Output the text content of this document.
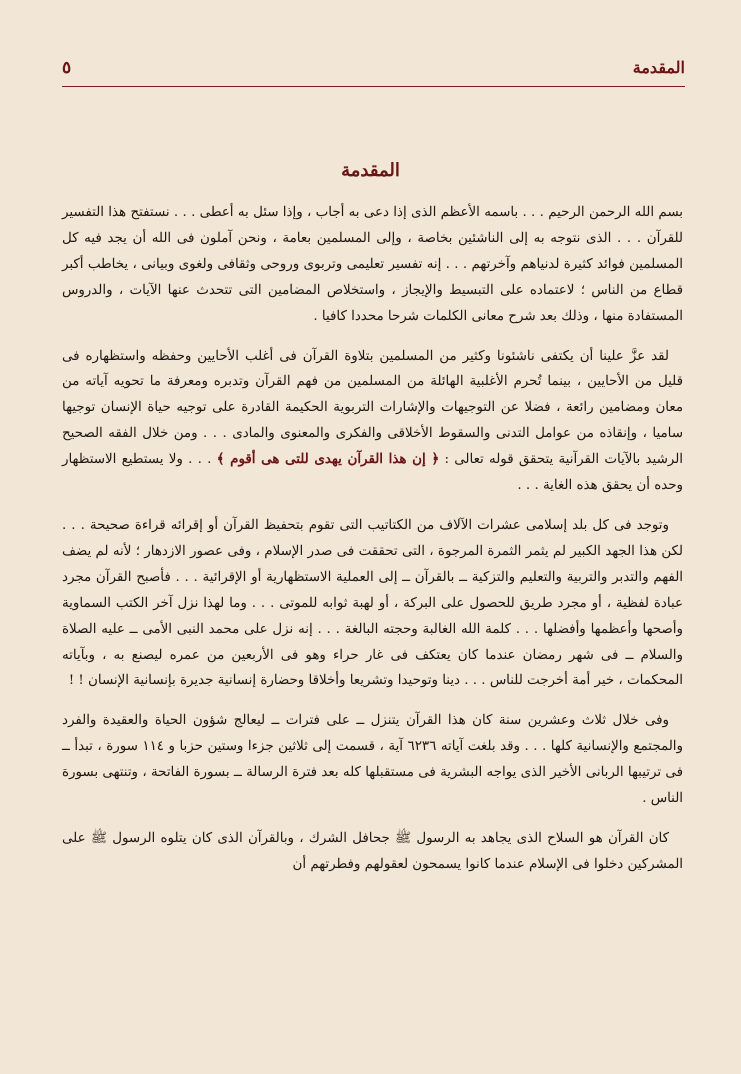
المقدمة
٥
المقدمة

بسم الله الرحمن الرحيم . . . باسمه الأعظم الذى إذا دعى به أجاب ، وإذا سئل به أعطى . . . نستفتح هذا التفسير للقرآن . . . الذى نتوجه به إلى الناشئين بخاصة ، وإلى المسلمين بعامة ، ونحن آملون فى الله أن يجد فيه كل المسلمين فوائد كثيرة لدنياهم وآخرتهم . . . إنه تفسير تعليمى وتربوى وروحى وثقافى ولغوى وبيانى ، يخاطب أكبر قطاع من الناس ؛ لاعتماده على التبسيط والإيجاز ، واستخلاص المضامين التى تتحدث عنها الآيات ، والدروس المستفادة منها ، وذلك بعد شرح معانى الكلمات شرحا محددا كافيا .

لقد عزَّ علينا أن يكتفى ناشئونا وكثير من المسلمين بتلاوة القرآن فى أغلب الأحايين وحفظه واستظهاره فى قليل من الأحايين ، بينما تُحرم الأغلبية الهائلة من المسلمين من فهم القرآن وتدبره ومعرفة ما تحويه آياته من معان ومضامين رائعة ، فضلا عن التوجيهات والإشارات التربوية الحكيمة القادرة على توجيه حياة الإنسان توجيها ساميا ، وإنقاذه من عوامل التدنى والسقوط الأخلاقى والفكرى والمعنوى والمادى . . . ومن خلال الفقه الصحيح الرشيد بالآيات القرآنية يتحقق قوله تعالى : ﴿ إن هذا القرآن يهدى للتى هى أقوم ﴾ . . . ولا يستطيع الاستظهار وحده أن يحقق هذه الغاية . . .

وتوجد فى كل بلد إسلامى عشرات الآلاف من الكتاتيب التى تقوم بتحفيظ القرآن أو إقرائه قراءة صحيحة . . . لكن هذا الجهد الكبير لم يثمر الثمرة المرجوة ، التى تحققت فى صدر الإسلام ، وفى عصور الازدهار ؛ لأنه لم يضف الفهم والتدبر والتربية والتعليم والتزكية ــ بالقرآن ــ إلى العملية الاستظهارية أو الإقرائية . . . فأصبح القرآن مجرد عبادة لفظية ، أو مجرد طريق للحصول على البركة ، أو لهبة ثوابه للموتى . . . وما لهذا نزل آخر الكتب السماوية وأصحها وأعظمها وأفضلها . . . كلمة الله الغالبة وحجته البالغة . . . إنه نزل على محمد النبى الأمى ــ عليه الصلاة والسلام ــ فى شهر رمضان عندما كان يعتكف فى غار حراء وهو فى الأربعين من عمره ليصنع به ، وبآياته المحكمات ، خير أمة أخرجت للناس . . . دينا وتوحيدا وتشريعا وأخلاقا وحضارة إنسانية جديرة بإنسانية الإنسان ! !

وفى خلال ثلاث وعشرين سنة كان هذا القرآن يتنزل ــ على فترات ــ ليعالج شؤون الحياة والعقيدة والفرد والمجتمع والإنسانية كلها . . . وقد بلغت آياته ٦٢٣٦ آية ، قسمت إلى ثلاثين جزءا وستين حزبا و ١١٤ سورة ، تبدأ ــ فى ترتيبها الربانى الأخير الذى يواجه البشرية فى مستقبلها كله بعد فترة الرسالة ــ بسورة الفاتحة ، وتنتهى بسورة الناس .

كان القرآن هو السلاح الذى يجاهد به الرسول ﷺ جحافل الشرك ، وبالقرآن الذى كان يتلوه الرسول ﷺ على المشركين دخلوا فى الإسلام عندما كانوا يسمحون لعقولهم وفطرتهم أن
